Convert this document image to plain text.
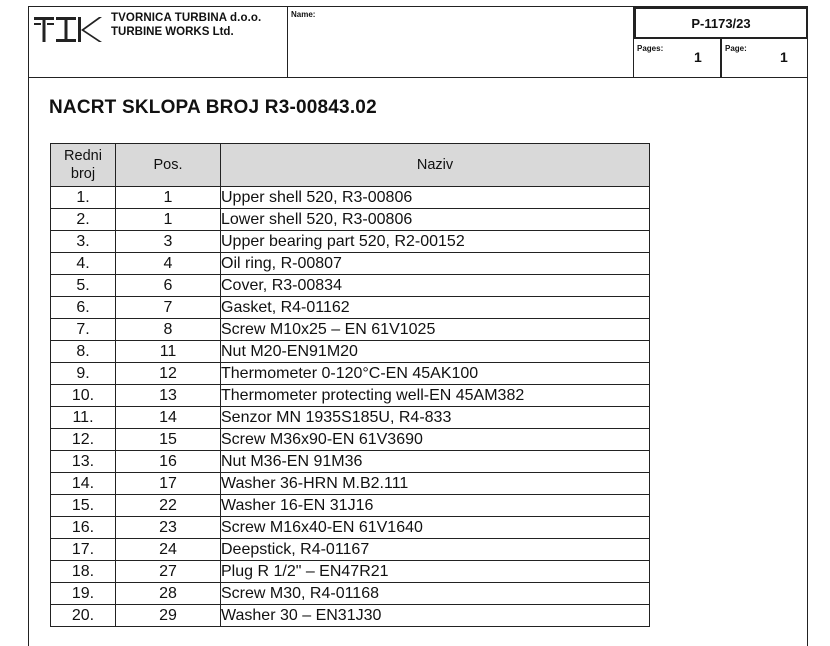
TVORNICA TURBINA d.o.o.
TURBINE WORKS Ltd.
Name:
P-1173/23
Pages:
1
Page:
1
NACRT SKLOPA BROJ R3-00843.02
Redni
broj	Pos.	Naziv
1.	1	Upper shell 520, R3-00806
2.	1	Lower shell 520, R3-00806
3.	3	Upper bearing part 520, R2-00152
4.	4	Oil ring, R-00807
5.	6	Cover, R3-00834
6.	7	Gasket, R4-01162
7.	8	Screw M10x25 – EN 61V1025
8.	11	Nut M20-EN91M20
9.	12	Thermometer 0-120°C-EN 45AK100
10.	13	Thermometer protecting well-EN 45AM382
11.	14	Senzor MN 1935S185U, R4-833
12.	15	Screw M36x90-EN 61V3690
13.	16	Nut M36-EN 91M36
14.	17	Washer 36-HRN M.B2.111
15.	22	Washer 16-EN 31J16
16.	23	Screw M16x40-EN 61V1640
17.	24	Deepstick, R4-01167
18.	27	Plug R 1/2" – EN47R21
19.	28	Screw M30, R4-01168
20.	29	Washer 30 – EN31J30
